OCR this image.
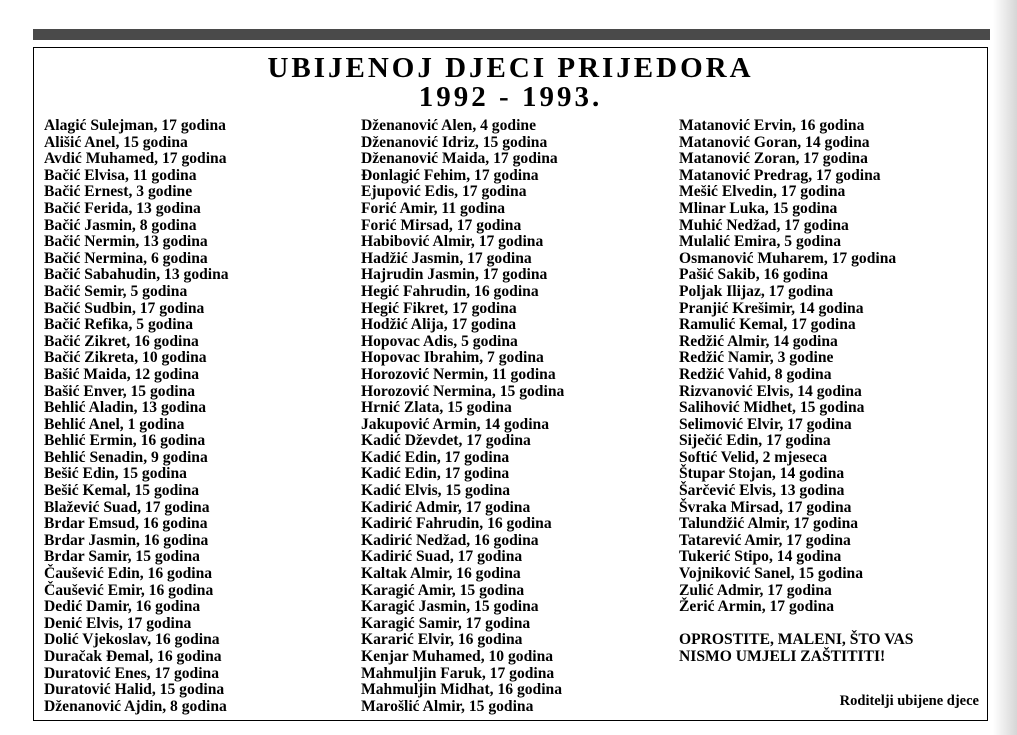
UBIJENOJ DJECI PRIJEDORA
1992 - 1993.
Alagić Sulejman, 17 godina
Ališić Anel, 15 godina
Avdić Muhamed, 17 godina
Bačić Elvisa, 11 godina
Bačić Ernest, 3 godine
Bačić Ferida, 13 godina
Bačić Jasmin, 8 godina
Bačić Nermin, 13 godina
Bačić Nermina, 6 godina
Bačić Sabahudin, 13 godina
Bačić Semir, 5 godina
Bačić Sudbin, 17 godina
Bačić Refika, 5 godina
Bačić Zikret, 16 godina
Bačić Zikreta, 10 godina
Bašić Maida, 12 godina
Bašić Enver, 15 godina
Behlić Aladin, 13 godina
Behlić Anel, 1 godina
Behlić Ermin, 16 godina
Behlić Senadin, 9 godina
Bešić Edin, 15 godina
Bešić Kemal, 15 godina
Blažević Suad, 17 godina
Brdar Emsud, 16 godina
Brdar Jasmin, 16 godina
Brdar Samir, 15 godina
Čaušević Edin, 16 godina
Čaušević Emir, 16 godina
Dedić Damir, 16 godina
Denić Elvis, 17 godina
Dolić Vjekoslav, 16 godina
Duračak Đemal, 16 godina
Duratović Enes, 17 godina
Duratović Halid, 15 godina
Dženanović Ajdin, 8 godina
Dženanović Alen, 4 godine
Dženanović Idriz, 15 godina
Dženanović Maida, 17 godina
Đonlagić Fehim, 17 godina
Ejupović Edis, 17 godina
Forić Amir, 11 godina
Forić Mirsad, 17 godina
Habibović Almir, 17 godina
Hadžić Jasmin, 17 godina
Hajrudin Jasmin, 17 godina
Hegić Fahrudin, 16 godina
Hegić Fikret, 17 godina
Hodžić Alija, 17 godina
Hopovac Adis, 5 godina
Hopovac Ibrahim, 7 godina
Horozović Nermin, 11 godina
Horozović Nermina, 15 godina
Hrnić Zlata, 15 godina
Jakupović Armin, 14 godina
Kadić Dževdet, 17 godina
Kadić Edin, 17 godina
Kadić Edin, 17 godina
Kadić Elvis, 15 godina
Kadirić Admir, 17 godina
Kadirić Fahrudin, 16 godina
Kadirić Nedžad, 16 godina
Kadirić Suad, 17 godina
Kaltak Almir, 16 godina
Karagić Amir, 15 godina
Karagić Jasmin, 15 godina
Karagić Samir, 17 godina
Kararić Elvir, 16 godina
Kenjar Muhamed, 10 godina
Mahmuljin Faruk, 17 godina
Mahmuljin Midhat, 16 godina
Marošlić Almir, 15 godina
Matanović Ervin, 16 godina
Matanović Goran, 14 godina
Matanović Zoran, 17 godina
Matanović Predrag, 17 godina
Mešić Elvedin, 17 godina
Mlinar Luka, 15 godina
Muhić Nedžad, 17 godina
Mulalić Emira, 5 godina
Osmanović Muharem, 17 godina
Pašić Sakib, 16 godina
Poljak Ilijaz, 17 godina
Pranjić Krešimir, 14 godina
Ramulić Kemal, 17 godina
Redžić Almir, 14 godina
Redžić Namir, 3 godine
Redžić Vahid, 8 godina
Rizvanović Elvis, 14 godina
Salihović Midhet, 15 godina
Selimović Elvir, 17 godina
Siječić Edin, 17 godina
Softić Velid, 2 mjeseca
Štupar Stojan, 14 godina
Šarčević Elvis, 13 godina
Švraka Mirsad, 17 godina
Talundžić Almir, 17 godina
Tatarević Amir, 17 godina
Tukerić Stipo, 14 godina
Vojniković Sanel, 15 godina
Zulić Admir, 17 godina
Žerić Armin, 17 godina
OPROSTITE, MALENI, ŠTO VAS
NISMO UMJELI ZAŠTITITI!
Roditelji ubijene djece
